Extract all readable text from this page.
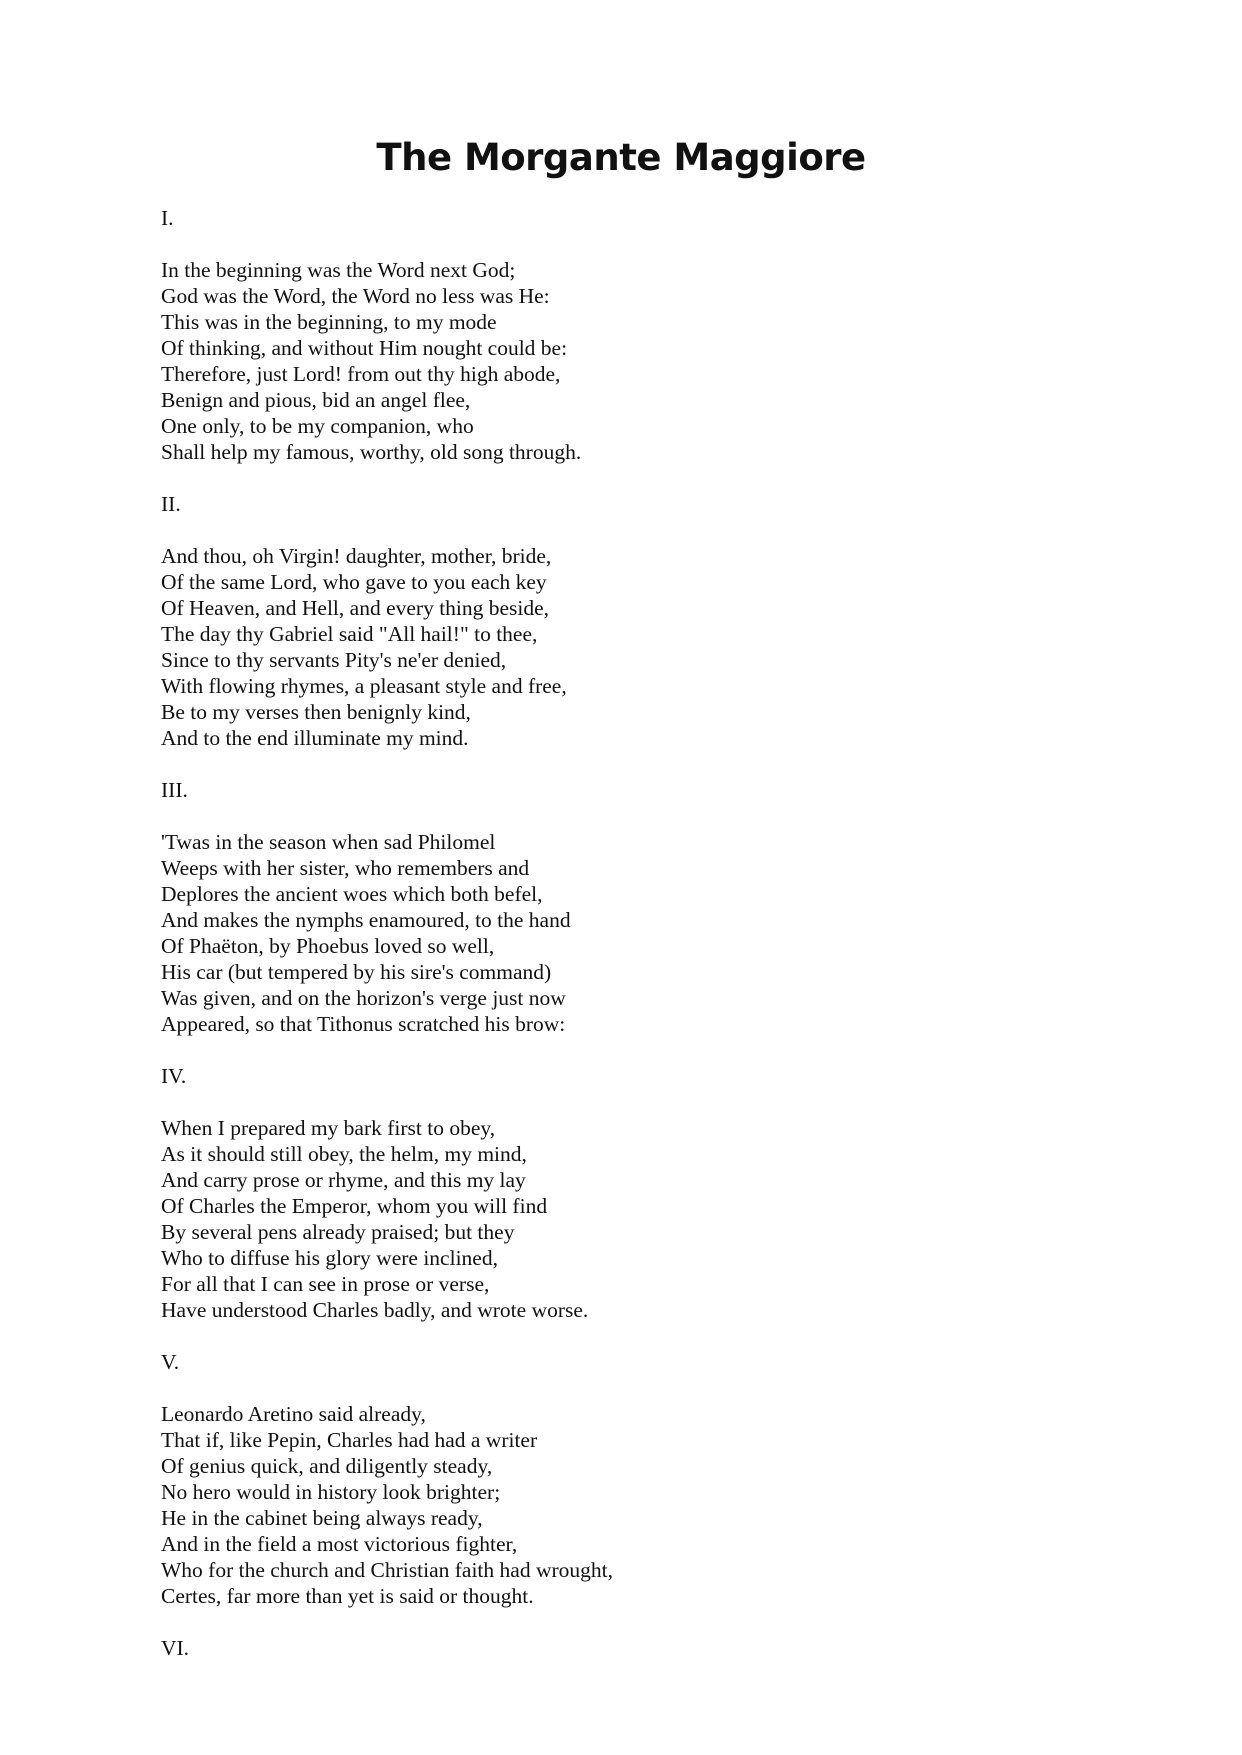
The Morgante Maggiore
I.
In the beginning was the Word next God;
God was the Word, the Word no less was He:
This was in the beginning, to my mode
Of thinking, and without Him nought could be:
Therefore, just Lord! from out thy high abode,
Benign and pious, bid an angel flee,
One only, to be my companion, who
Shall help my famous, worthy, old song through.
II.
And thou, oh Virgin! daughter, mother, bride,
Of the same Lord, who gave to you each key
Of Heaven, and Hell, and every thing beside,
The day thy Gabriel said "All hail!" to thee,
Since to thy servants Pity's ne'er denied,
With flowing rhymes, a pleasant style and free,
Be to my verses then benignly kind,
And to the end illuminate my mind.
III.
'Twas in the season when sad Philomel
Weeps with her sister, who remembers and
Deplores the ancient woes which both befel,
And makes the nymphs enamoured, to the hand
Of Phaëton, by Phoebus loved so well,
His car (but tempered by his sire's command)
Was given, and on the horizon's verge just now
Appeared, so that Tithonus scratched his brow:
IV.
When I prepared my bark first to obey,
As it should still obey, the helm, my mind,
And carry prose or rhyme, and this my lay
Of Charles the Emperor, whom you will find
By several pens already praised; but they
Who to diffuse his glory were inclined,
For all that I can see in prose or verse,
Have understood Charles badly, and wrote worse.
V.
Leonardo Aretino said already,
That if, like Pepin, Charles had had a writer
Of genius quick, and diligently steady,
No hero would in history look brighter;
He in the cabinet being always ready,
And in the field a most victorious fighter,
Who for the church and Christian faith had wrought,
Certes, far more than yet is said or thought.
VI.
